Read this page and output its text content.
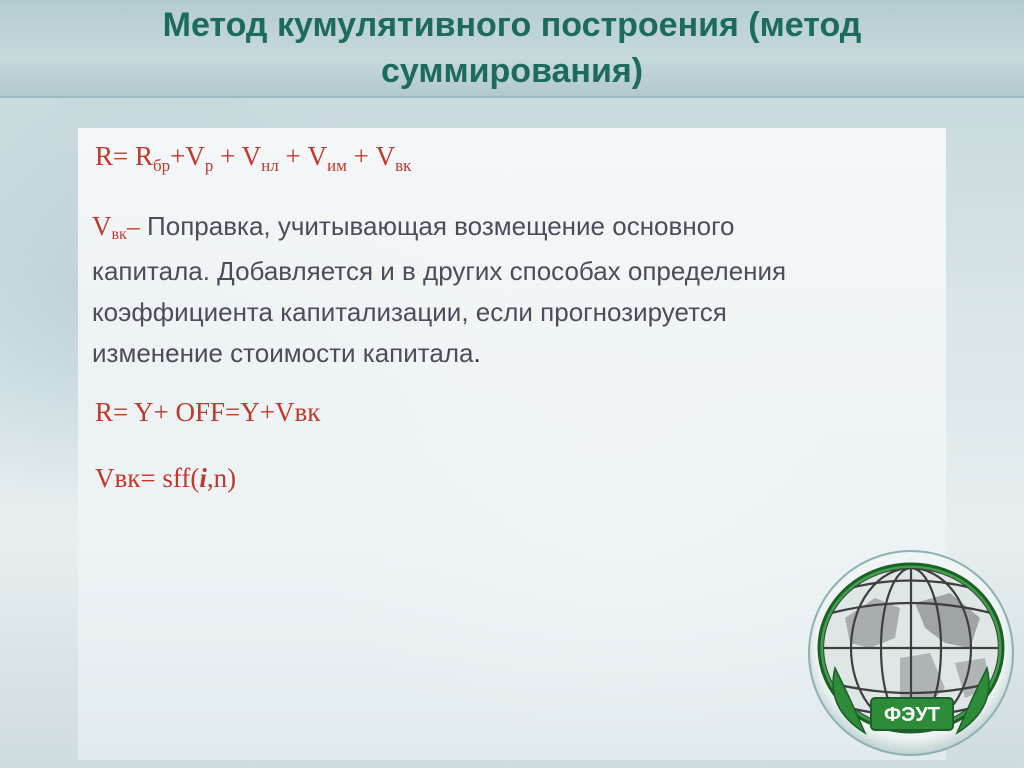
Метод кумулятивного построения (метод
суммирования)

$R= R_{бр}+V_p + V_{нл} + V_{им} + V_{вк}$

Vвк– Поправка, учитывающая возмещение основного
капитала. Добавляется и в других способах определения
коэффициента капитализации, если прогнозируется
изменение стоимости капитала.

R= Y+ OFF=Y+Vвк

Vвк= sff(i,n)

ФЭУТ
